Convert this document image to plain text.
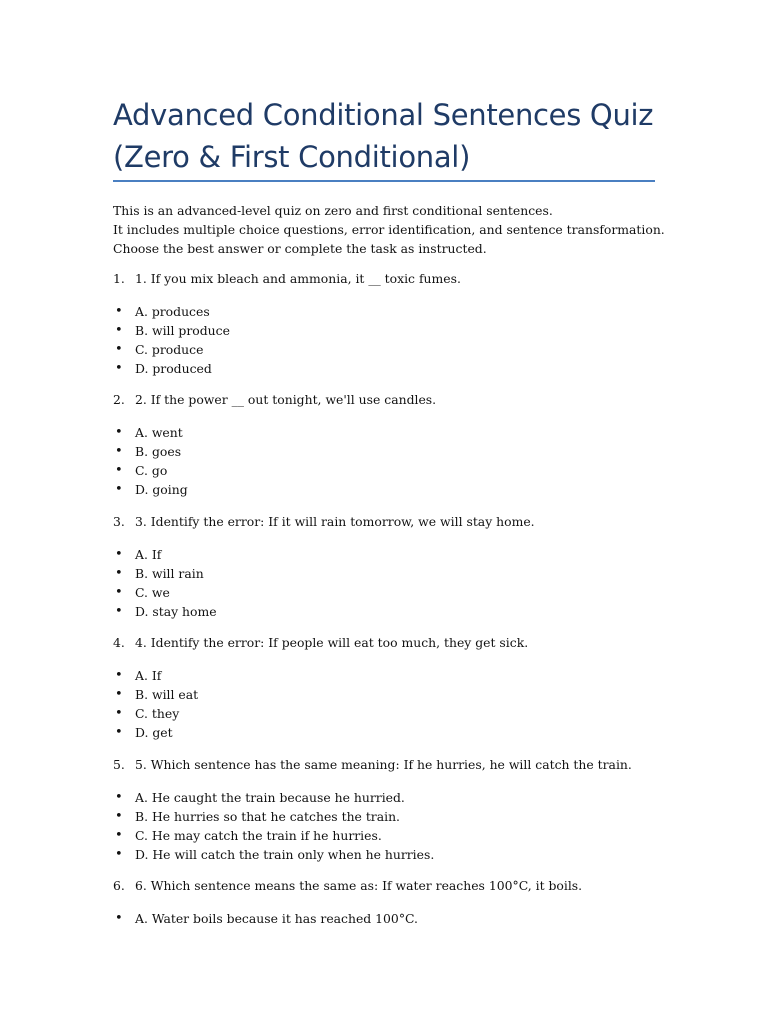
Advanced Conditional Sentences Quiz
(Zero & First Conditional)
This is an advanced-level quiz on zero and first conditional sentences.
It includes multiple choice questions, error identification, and sentence transformation.
Choose the best answer or complete the task as instructed.
1. 1. If you mix bleach and ammonia, it __ toxic fumes.
• A. produces
• B. will produce
• C. produce
• D. produced
2. 2. If the power __ out tonight, we'll use candles.
• A. went
• B. goes
• C. go
• D. going
3. 3. Identify the error: If it will rain tomorrow, we will stay home.
• A. If
• B. will rain
• C. we
• D. stay home
4. 4. Identify the error: If people will eat too much, they get sick.
• A. If
• B. will eat
• C. they
• D. get
5. 5. Which sentence has the same meaning: If he hurries, he will catch the train.
• A. He caught the train because he hurried.
• B. He hurries so that he catches the train.
• C. He may catch the train if he hurries.
• D. He will catch the train only when he hurries.
6. 6. Which sentence means the same as: If water reaches 100°C, it boils.
• A. Water boils because it has reached 100°C.
